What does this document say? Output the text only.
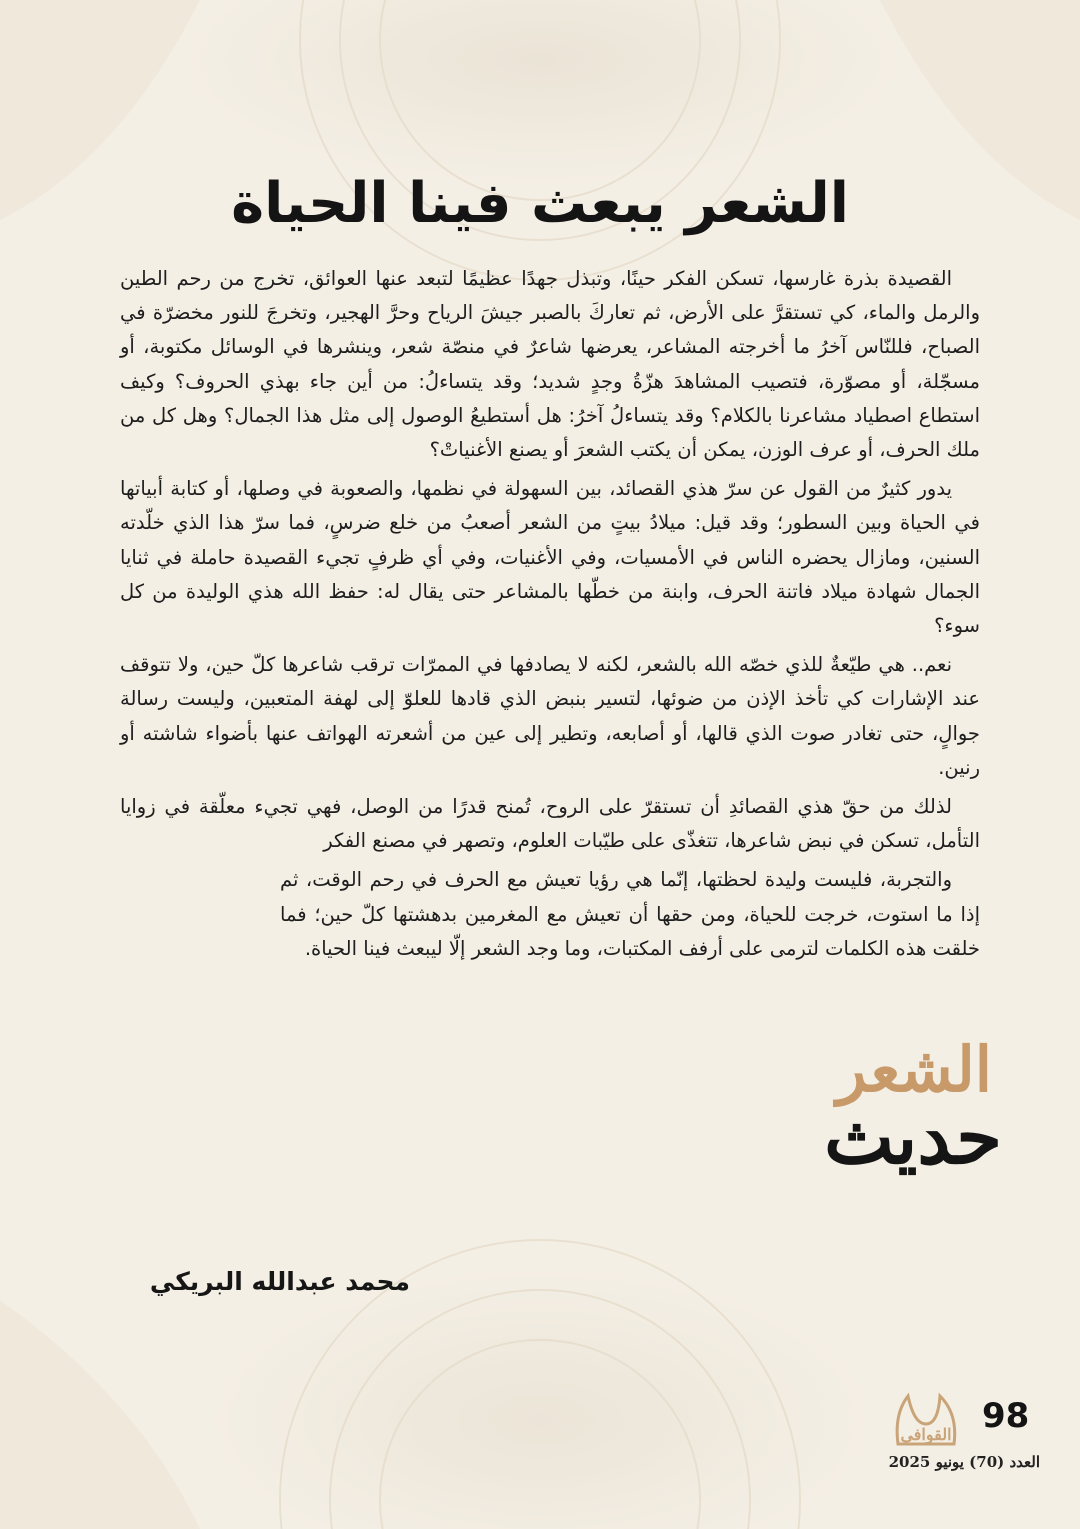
الشعر يبعث فينا الحياة

القصيدة بذرة غارسها، تسكن الفكر حينًا، وتبذل جهدًا عظيمًا لتبعد عنها العوائق، تخرج من رحم الطين والرمل والماء، كي تستقرَّ على الأرض، ثم تعاركَ بالصبر جيشَ الرياح وحرَّ الهجير، وتخرجَ للنور مخضرّة في الصباح، فللنّاس آخرُ ما أخرجته المشاعر، يعرضها شاعرٌ في منصّة شعر، وينشرها في الوسائل مكتوبة، أو مسجّلة، أو مصوّرة، فتصيب المشاهدَ هزّةُ وجدٍ شديد؛ وقد يتساءلُ: من أين جاء بهذي الحروف؟ وكيف استطاع اصطياد مشاعرنا بالكلام؟ وقد يتساءلُ آخرُ: هل أستطيعُ الوصول إلى مثل هذا الجمال؟ وهل كل من ملك الحرف، أو عرف الوزن، يمكن أن يكتب الشعرَ أو يصنع الأغنياتْ؟

يدور كثيرٌ من القول عن سرّ هذي القصائد، بين السهولة في نظمها، والصعوبة في وصلها، أو كتابة أبياتها في الحياة وبين السطور؛ وقد قيل: ميلادُ بيتٍ من الشعر أصعبُ من خلع ضرسٍ، فما سرّ هذا الذي خلّدته السنين، ومازال يحضره الناس في الأمسيات، وفي الأغنيات، وفي أي ظرفٍ تجيء القصيدة حاملة في ثنايا الجمال شهادة ميلاد فاتنة الحرف، وابنة من خطّها بالمشاعر حتى يقال له: حفظ الله هذي الوليدة من كل سوء؟

نعم.. هي طيّعةٌ للذي خصّه الله بالشعر، لكنه لا يصادفها في الممرّات ترقب شاعرها كلّ حين، ولا تتوقف عند الإشارات كي تأخذ الإذن من ضوئها، لتسير بنبض الذي قادها للعلوّ إلى لهفة المتعبين، وليست رسالة جوالٍ، حتى تغادر صوت الذي قالها، أو أصابعه، وتطير إلى عين من أشعرته الهواتف عنها بأضواء شاشته أو رنين.

لذلك من حقّ هذي القصائدِ أن تستقرّ على الروح، تُمنح قدرًا من الوصل، فهي تجيء معلّقة في زوايا التأمل، تسكن في نبض شاعرها، تتغذّى على طيّبات العلوم، وتصهر في مصنع الفكر

والتجربة، فليست وليدة لحظتها، إنّما هي رؤيا تعيش مع الحرف في رحم الوقت، ثم إذا ما استوت، خرجت للحياة، ومن حقها أن تعيش مع المغرمين بدهشتها كلّ حين؛ فما خلقت هذه الكلمات لترمى على أرفف المكتبات، وما وجد الشعر إلّا ليبعث فينا الحياة.

الشعر
حديث
محمد عبدالله البريكي
القوافي 98
العدد (70) يونيو 2025
